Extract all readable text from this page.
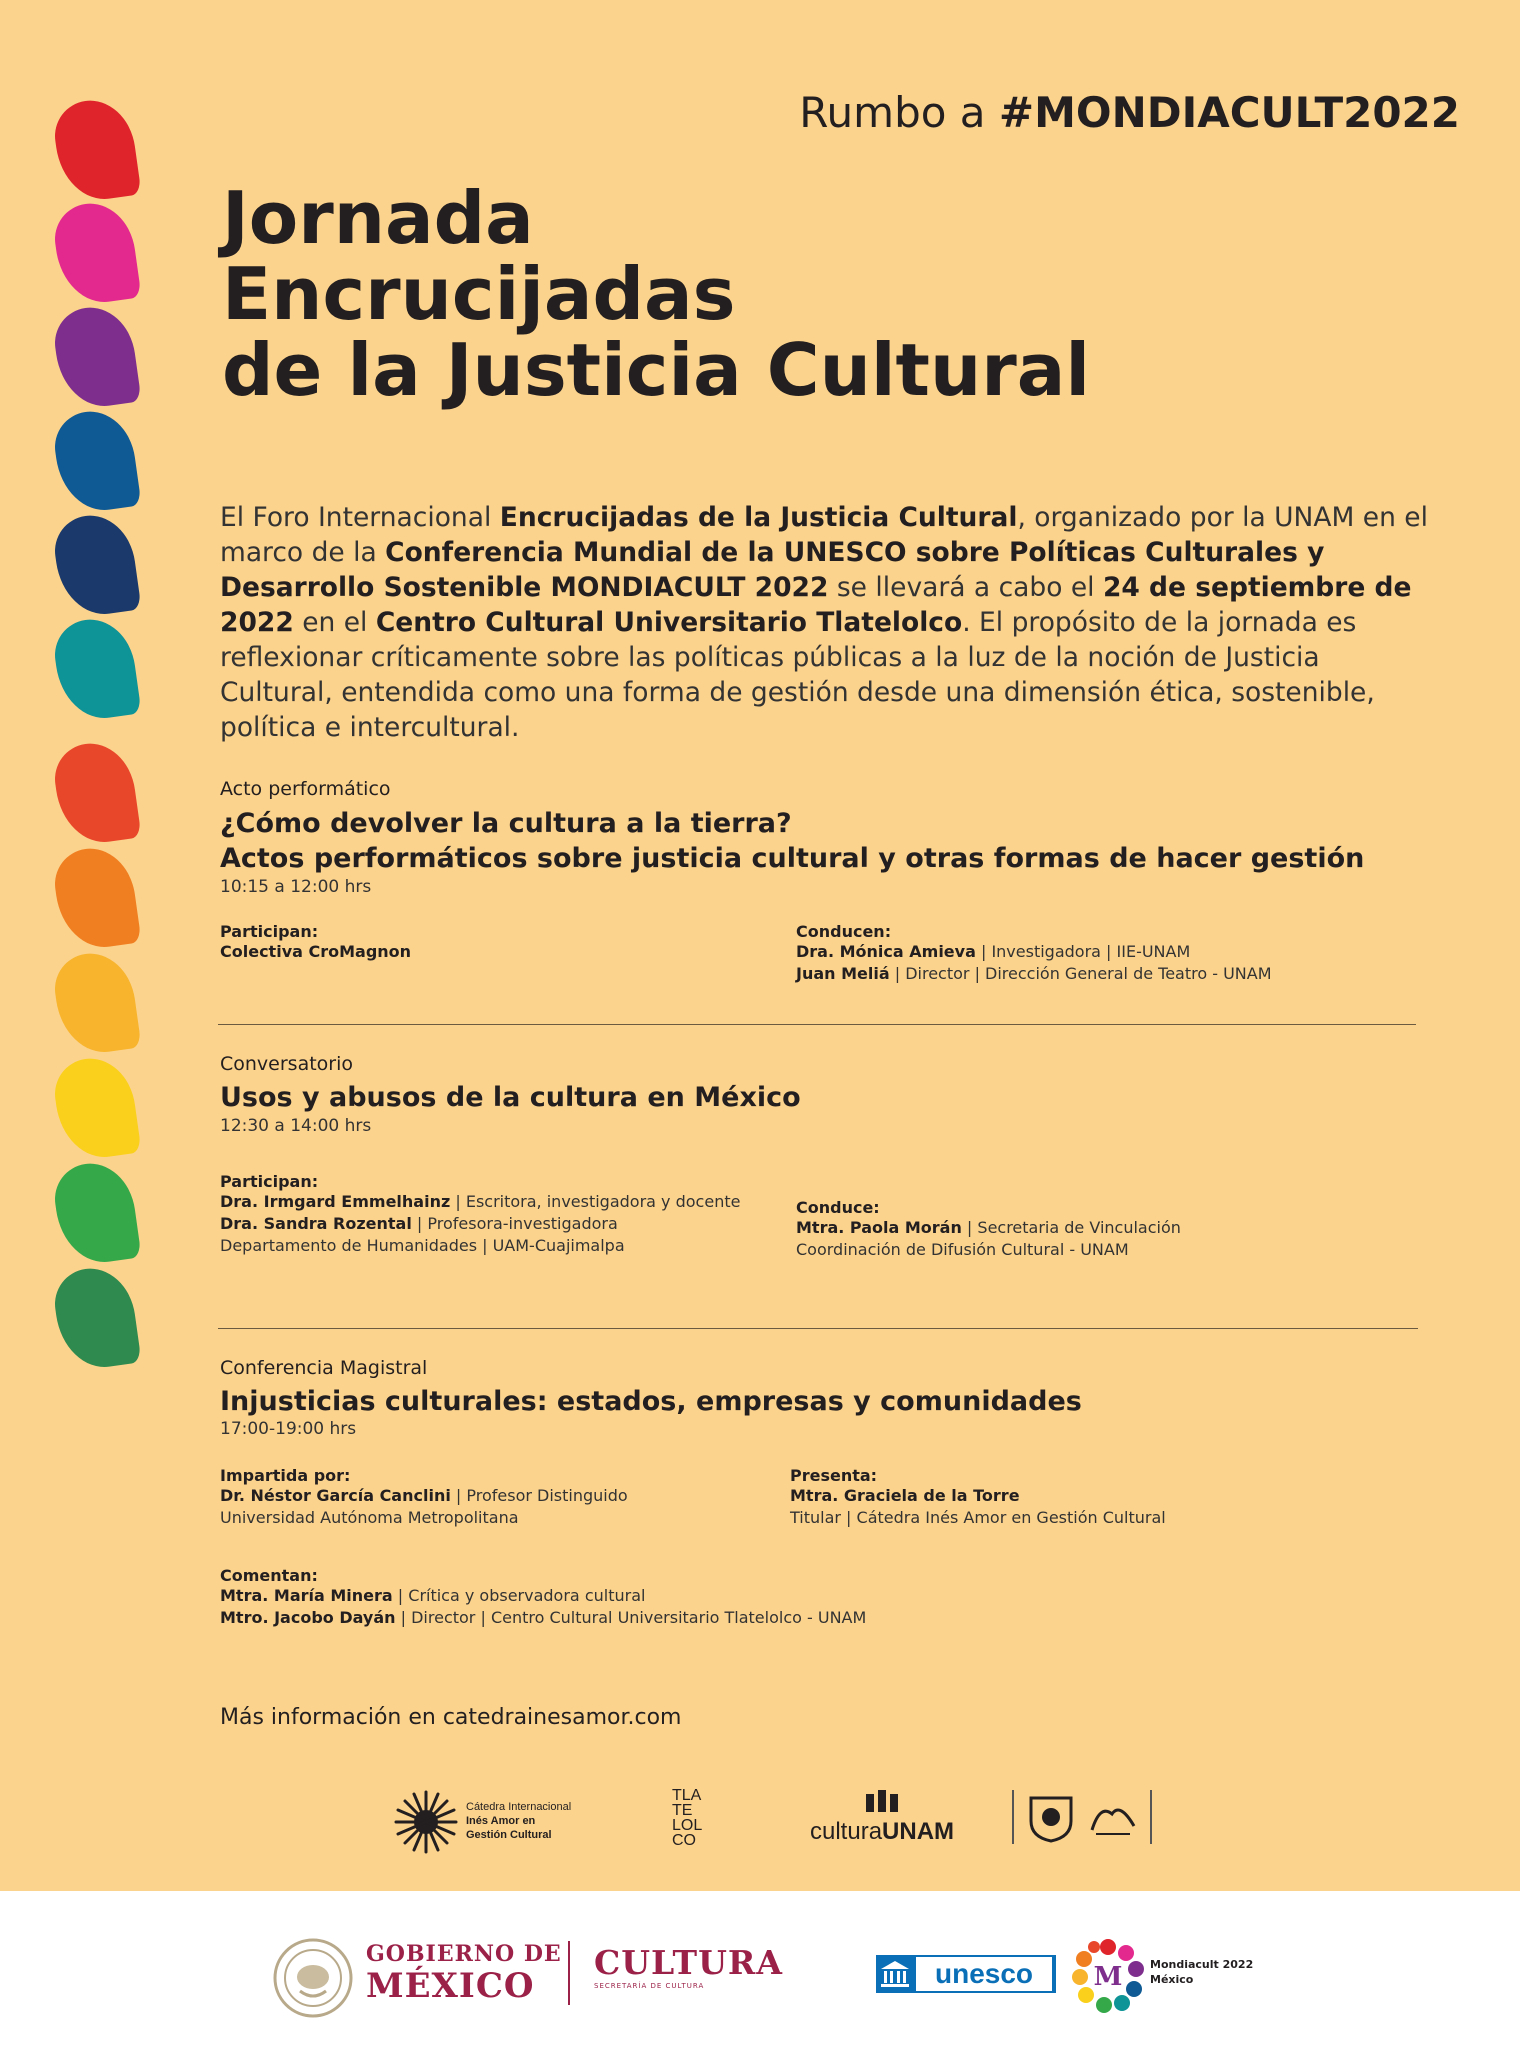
Rumbo a #MONDIACULT2022
Jornada
Encrucijadas
de la Justicia Cultural

El Foro Internacional Encrucijadas de la Justicia Cultural, organizado por la UNAM en el marco de la Conferencia Mundial de la UNESCO sobre Políticas Culturales y Desarrollo Sostenible MONDIACULT 2022 se llevará a cabo el 24 de septiembre de 2022 en el Centro Cultural Universitario Tlatelolco. El propósito de la jornada es reflexionar críticamente sobre las políticas públicas a la luz de la noción de Justicia Cultural, entendida como una forma de gestión desde una dimensión ética, sostenible, política e intercultural.

Acto performático
¿Cómo devolver la cultura a la tierra?
Actos performáticos sobre justicia cultural y otras formas de hacer gestión
10:15 a 12:00 hrs
Participan:
Colectiva CroMagnon
Conducen:
Dra. Mónica Amieva | Investigadora | IIE-UNAM
Juan Meliá | Director | Dirección General de Teatro - UNAM
Conversatorio
Usos y abusos de la cultura en México
12:30 a 14:00 hrs
Participan:
Dra. Irmgard Emmelhainz | Escritora, investigadora y docente
Dra. Sandra Rozental | Profesora-investigadora
Departamento de Humanidades | UAM-Cuajimalpa
Conduce:
Mtra. Paola Morán | Secretaria de Vinculación
Coordinación de Difusión Cultural - UNAM
Conferencia Magistral
Injusticias culturales: estados, empresas y comunidades
17:00-19:00 hrs
Impartida por:
Dr. Néstor García Canclini | Profesor Distinguido
Universidad Autónoma Metropolitana
Presenta:
Mtra. Graciela de la Torre
Titular | Cátedra Inés Amor en Gestión Cultural
Comentan:
Mtra. María Minera | Crítica y observadora cultural
Mtro. Jacobo Dayán | Director | Centro Cultural Universitario Tlatelolco - UNAM
Más información en catedrainesamor.com
Cátedra Internacional
Inés Amor en
Gestión Cultural
TLA
TE
LOL
CO	culturaUNAM
GOBIERNO DE
MÉXICO
CULTURA
SECRETARÍA DE CULTURA	unesco	M	Mondiacult 2022
México
